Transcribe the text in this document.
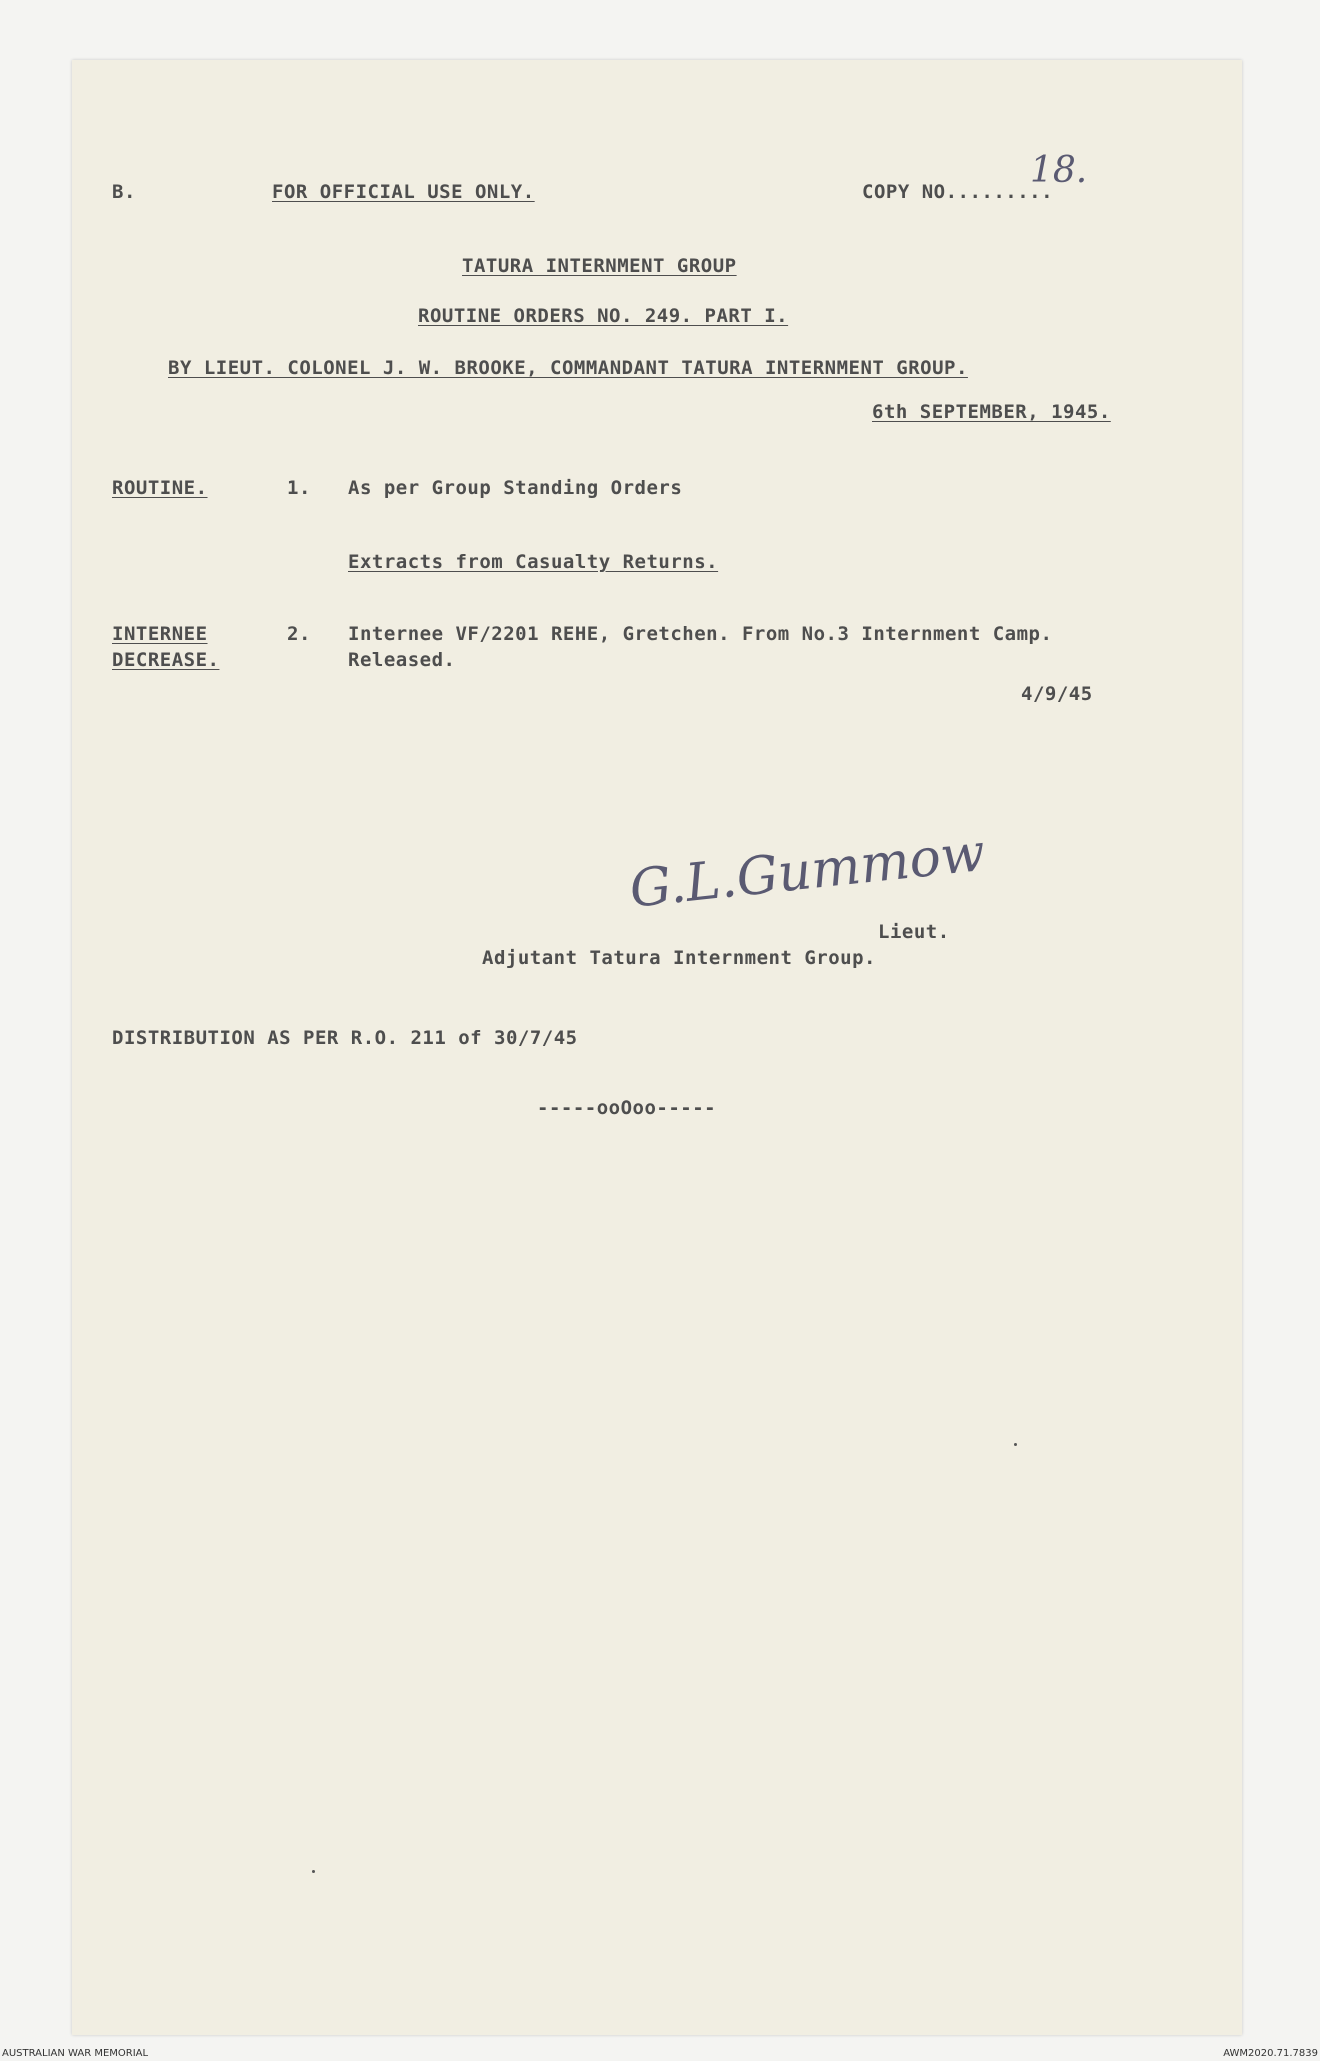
B.	FOR OFFICIAL USE ONLY.	COPY NO.........
18.
TATURA INTERNMENT GROUP
ROUTINE ORDERS NO. 249. PART I.
BY LIEUT. COLONEL J. W. BROOKE, COMMANDANT TATURA INTERNMENT GROUP.
6th SEPTEMBER, 1945.
ROUTINE.	1. As per Group Standing Orders
Extracts from Casualty Returns.
INTERNEE
DECREASE.
2. Internee VF/2201 REHE, Gretchen. From No.3 Internment Camp.
Released.
4/9/45
G.L.Gummow
Lieut.
Adjutant Tatura Internment Group.
DISTRIBUTION AS PER R.O. 211 of 30/7/45
-----ooOoo-----
AUSTRALIAN WAR MEMORIAL	AWM2020.71.7839
